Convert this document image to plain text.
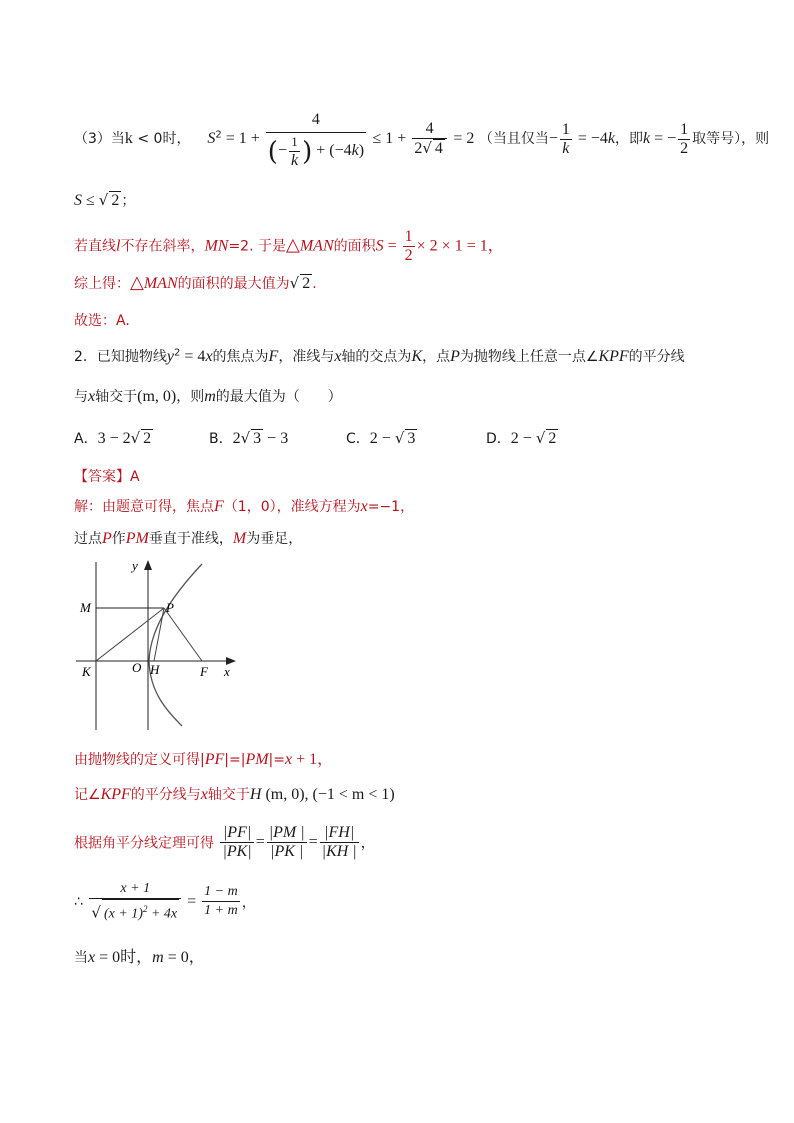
（3）当k < 0时， $S^2 = 1 + \frac{4}{(- \frac{1}{k} ) + (-4k)} \le 1 + \frac{4}{2√ 4} = 2$ （当且仅当− $\frac{1}{k} = -4k$，即k = − $\frac{1}{2}$ 取等号），则
S ≤ √ 2 ；
若直线l不存在斜率，MN=2. 于是△MAN的面积$S = \frac{1}{2} \times 2 \times 1 = 1$，
综上得：△MAN的面积的最大值为√ 2 .
故选：A.
2．已知抛物线$y^2 = 4x$的焦点为F，准线与x轴的交点为K，点P为抛物线上任意一点∠KPF的平分线
与x轴交于(m, 0)，则m的最大值为（　　）
A．3 − 2√ 2	B．2√ 3 − 3	C．2 − √ 3	D．2 − √ 2
【答案】A
解：由题意可得，焦点F（1，0），准线方程为x=−1，
过点P作PM垂直于准线，M为垂足，
y
x
M	P
K	O H	F
由抛物线的定义可得|PF|=|PM|=x + 1，
记∠KPF的平分线与x轴交于H (m, 0), (−1 < m < 1)
根据角平分线定理可得 $\frac{|PF|}{|PK|} = \frac{|PM |}{|PK |} = \frac{|FH|}{|KH |}$ ，
∴ $\frac{x + 1}{√ (x + 1)^2 + 4x} = \frac{1 - m}{1 + m}$ ，
当x = 0时，m = 0，
